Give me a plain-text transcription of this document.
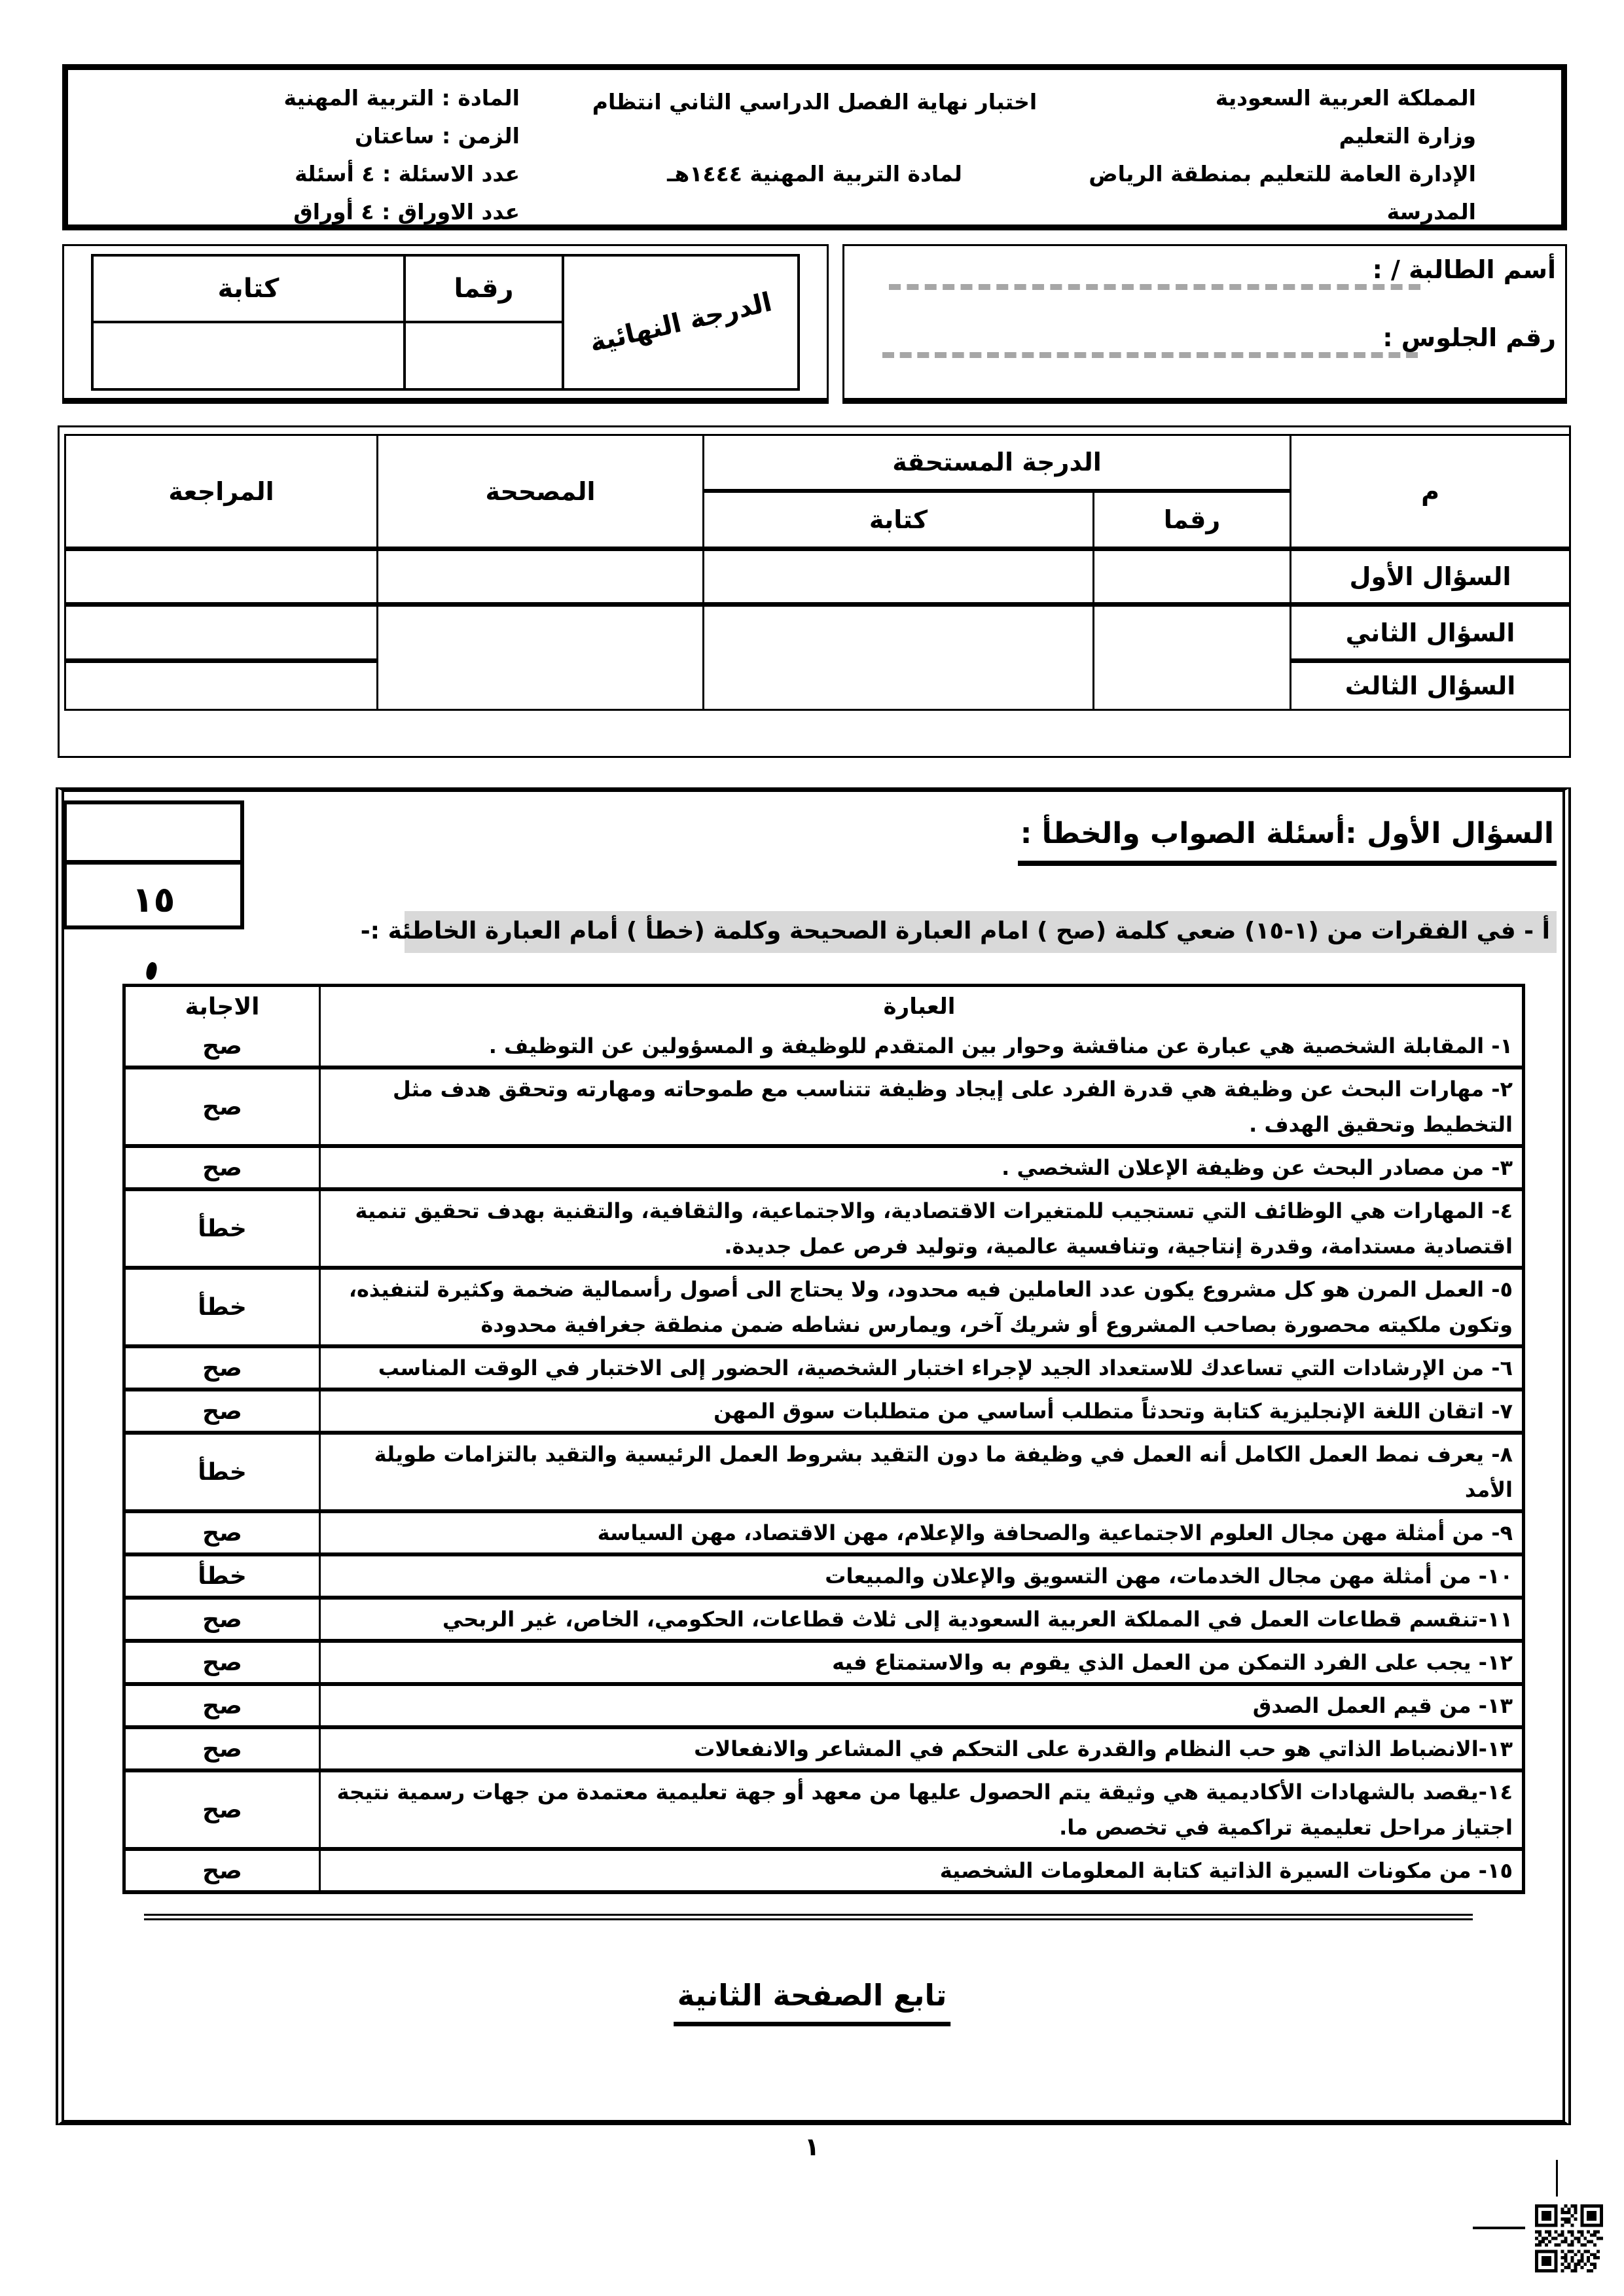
المملكة العربية السعودية
وزارة التعليم
الإدارة العامة للتعليم بمنطقة الرياض
المدرسة
اختبار نهاية الفصل الدراسي الثاني انتظام
لمادة التربية المهنية ١٤٤٤هـ
المادة : التربية المهنية
الزمن : ساعتان
عدد الاسئلة : ٤ أسئلة
عدد الاوراق : ٤ أوراق
أسم الطالبة / :
رقم الجلوس :
الدرجة النهائية	رقما	كتابة

م	الدرجة المستحقة		المصححة	المراجعة
	رقما	كتابة		
السؤال الأول				
السؤال الثاني				
السؤال الثالث				
١٥
السؤال الأول :أسئلة الصواب والخطأ :
أ - في الفقرات من (١-١٥) ضعي كلمة (صح ) امام العبارة الصحيحة وكلمة (خطأ ) أمام العبارة الخاطئة :-
العبارة
الاجابة
١- المقابلة الشخصية هي عبارة عن مناقشة وحوار بين المتقدم للوظيفة و المسؤولين عن التوظيف .
صح
٢- مهارات البحث عن وظيفة هي قدرة الفرد على إيجاد وظيفة تتناسب مع طموحاته ومهارته وتحقق هدف مثل التخطيط وتحقيق الهدف .
صح
٣- من مصادر البحث عن وظيفة الإعلان الشخصي .
صح
٤- المهارات هي الوظائف التي تستجيب للمتغيرات الاقتصادية، والاجتماعية، والثقافية، والتقنية بهدف تحقيق تنمية اقتصادية مستدامة، وقدرة إنتاجية، وتنافسية عالمية، وتوليد فرص عمل جديدة.
خطأ
٥- العمل المرن هو كل مشروع يكون عدد العاملين فيه محدود، ولا يحتاج الى أصول رأسمالية ضخمة وكثيرة لتنفيذه، وتكون ملكيته محصورة بصاحب المشروع أو شريك آخر، ويمارس نشاطه ضمن منطقة جغرافية محدودة
خطأ
٦- من الإرشادات التي تساعدك للاستعداد الجيد لإجراء اختبار الشخصية، الحضور إلى الاختبار في الوقت المناسب
صح
٧- اتقان اللغة الإنجليزية كتابة وتحدثاً متطلب أساسي من متطلبات سوق المهن
صح
٨- يعرف نمط العمل الكامل أنه العمل في وظيفة ما دون التقيد بشروط العمل الرئيسية والتقيد بالتزامات طويلة الأمد
خطأ
٩- من أمثلة مهن مجال العلوم الاجتماعية والصحافة والإعلام، مهن الاقتصاد، مهن السياسة
صح
١٠- من أمثلة مهن مجال الخدمات، مهن التسويق والإعلان والمبيعات
خطأ
١١-تنقسم قطاعات العمل في المملكة العربية السعودية إلى ثلاث قطاعات، الحكومي، الخاص، غير الربحي
صح
١٢- يجب على الفرد التمكن من العمل الذي يقوم به والاستمتاع فيه
صح
١٣- من قيم العمل الصدق
صح
١٣-الانضباط الذاتي هو حب النظام والقدرة على التحكم في المشاعر والانفعالات
صح
١٤-يقصد بالشهادات الأكاديمية هي وثيقة يتم الحصول عليها من معهد أو جهة تعليمية معتمدة من جهات رسمية نتيجة اجتياز مراحل تعليمية تراكمية في تخصص ما.
صح
١٥- من مكونات السيرة الذاتية كتابة المعلومات الشخصية
صح
تابع الصفحة الثانية
١
